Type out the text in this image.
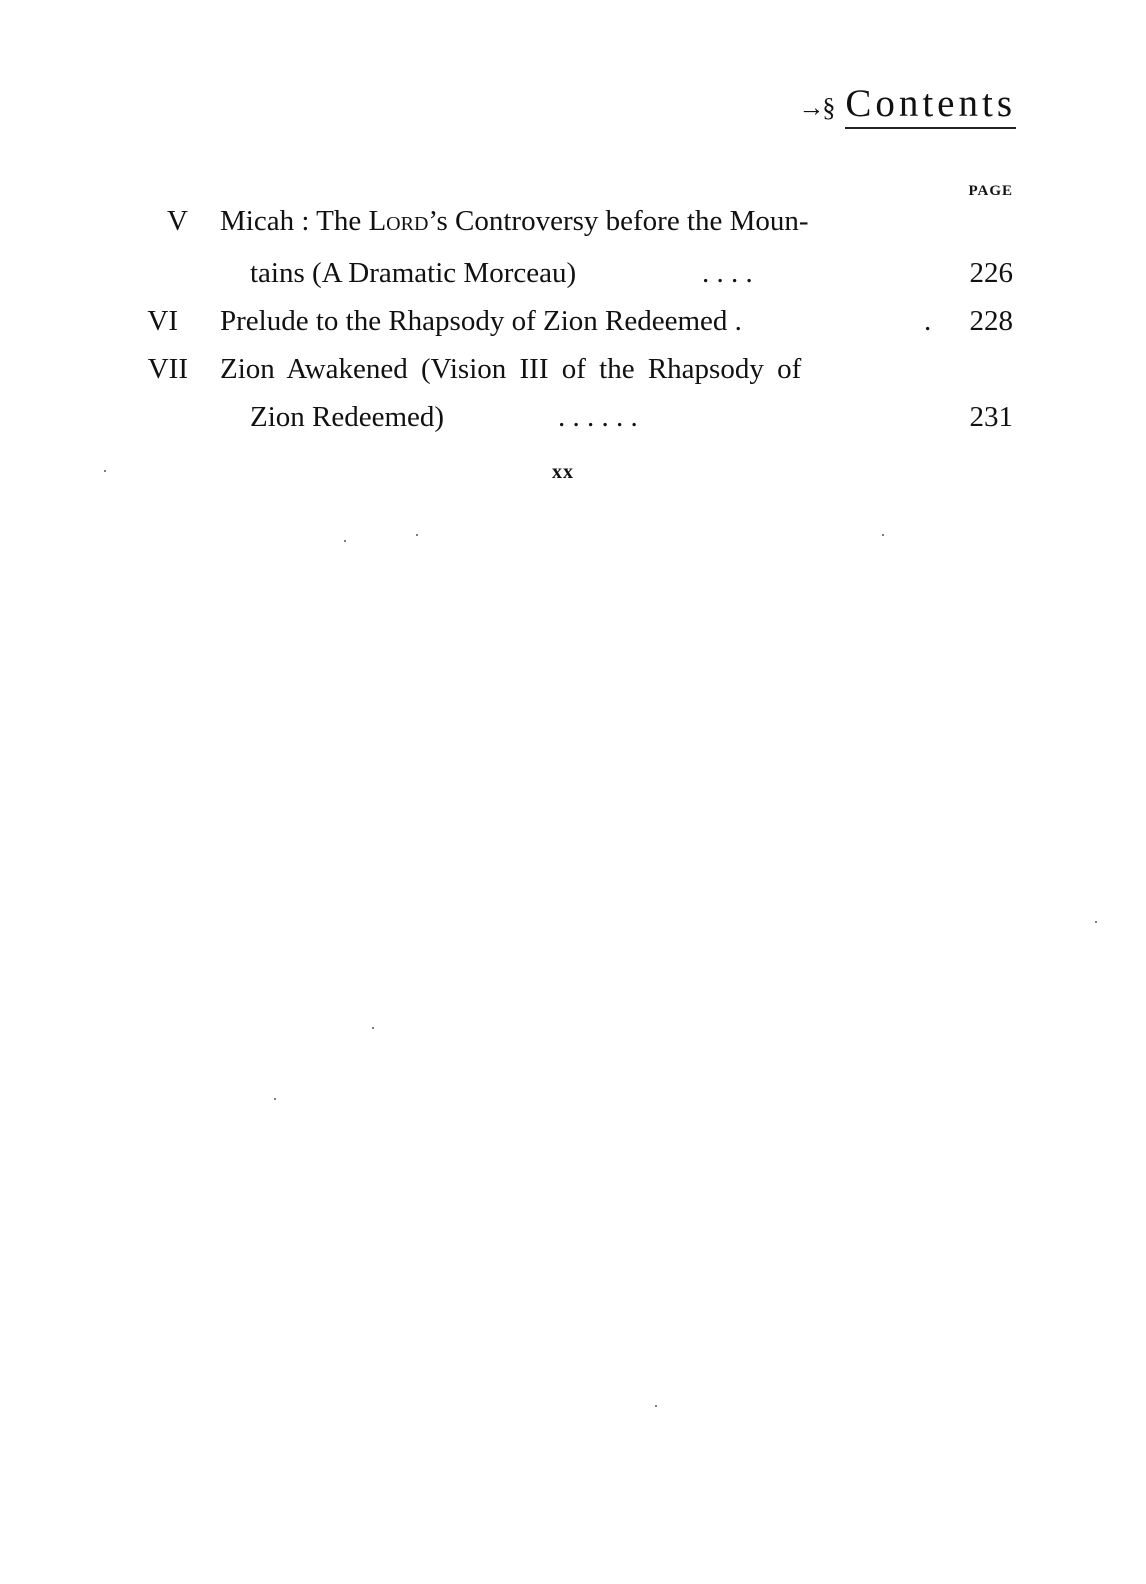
→§ Contents
PAGE
V Micah : The Lord’s Controversy before the Moun-
tains (A Dramatic Morceau)	. . . .	226
VI Prelude to the Rhapsody of Zion Redeemed .	. 228
VII Zion Awakened (Vision III of the Rhapsody of
Zion Redeemed)	. . . . . .	231
xx
